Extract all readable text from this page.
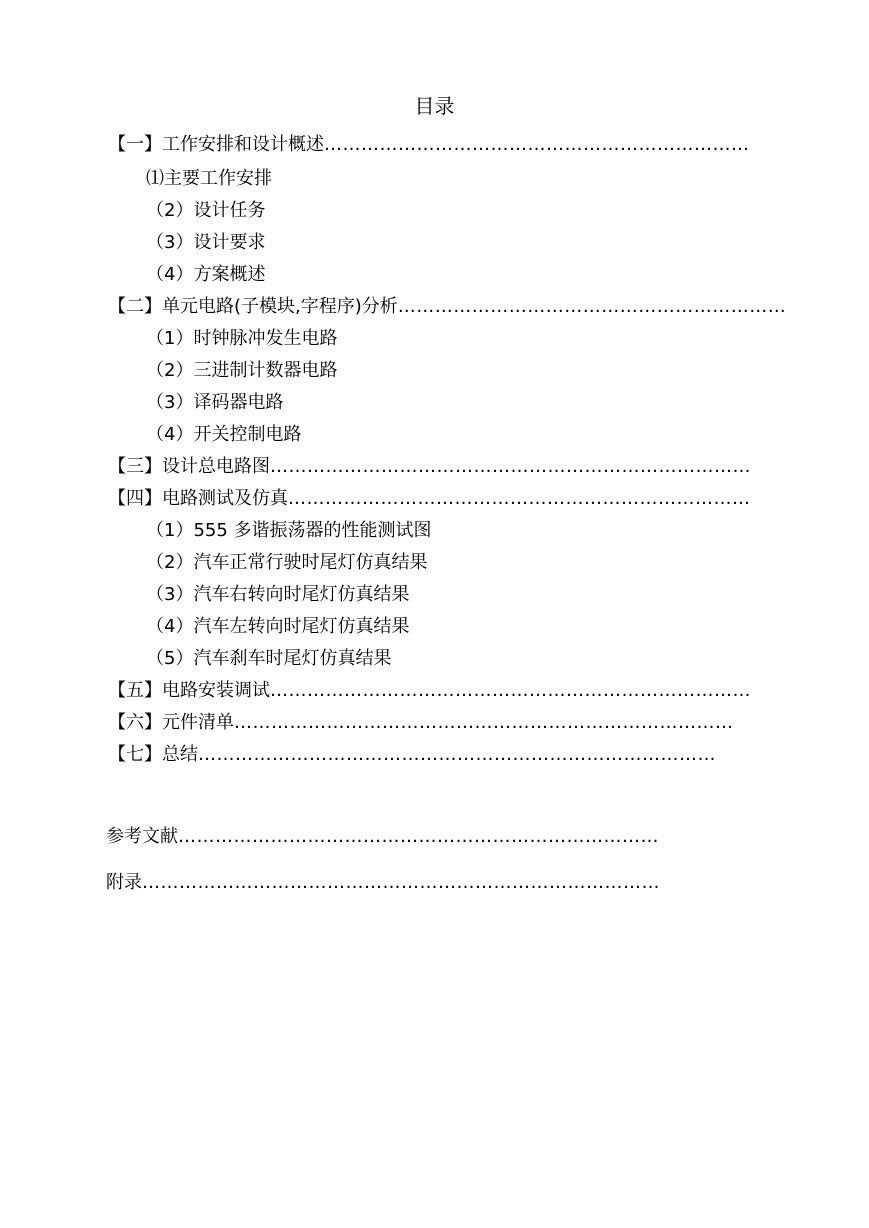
目录
【一】工作安排和设计概述……………………………………………………………
⑴主要工作安排
（2）设计任务
（3）设计要求
（4）方案概述
【二】单元电路(子模块,字程序)分析………………………………………………………
（1）时钟脉冲发生电路
（2）三进制计数器电路
（3）译码器电路
（4）开关控制电路
【三】设计总电路图……………………………………………………………………
【四】电路测试及仿真…………………………………………………………………
（1）555 多谐振荡器的性能测试图
（2）汽车正常行驶时尾灯仿真结果
（3）汽车右转向时尾灯仿真结果
（4）汽车左转向时尾灯仿真结果
（5）汽车刹车时尾灯仿真结果
【五】电路安装调试……………………………………………………………………
【六】元件清单………………………………………………………………………
【七】总结…………………………………………………………………………
参考文献……………………………………………………………………
附录…………………………………………………………………………
